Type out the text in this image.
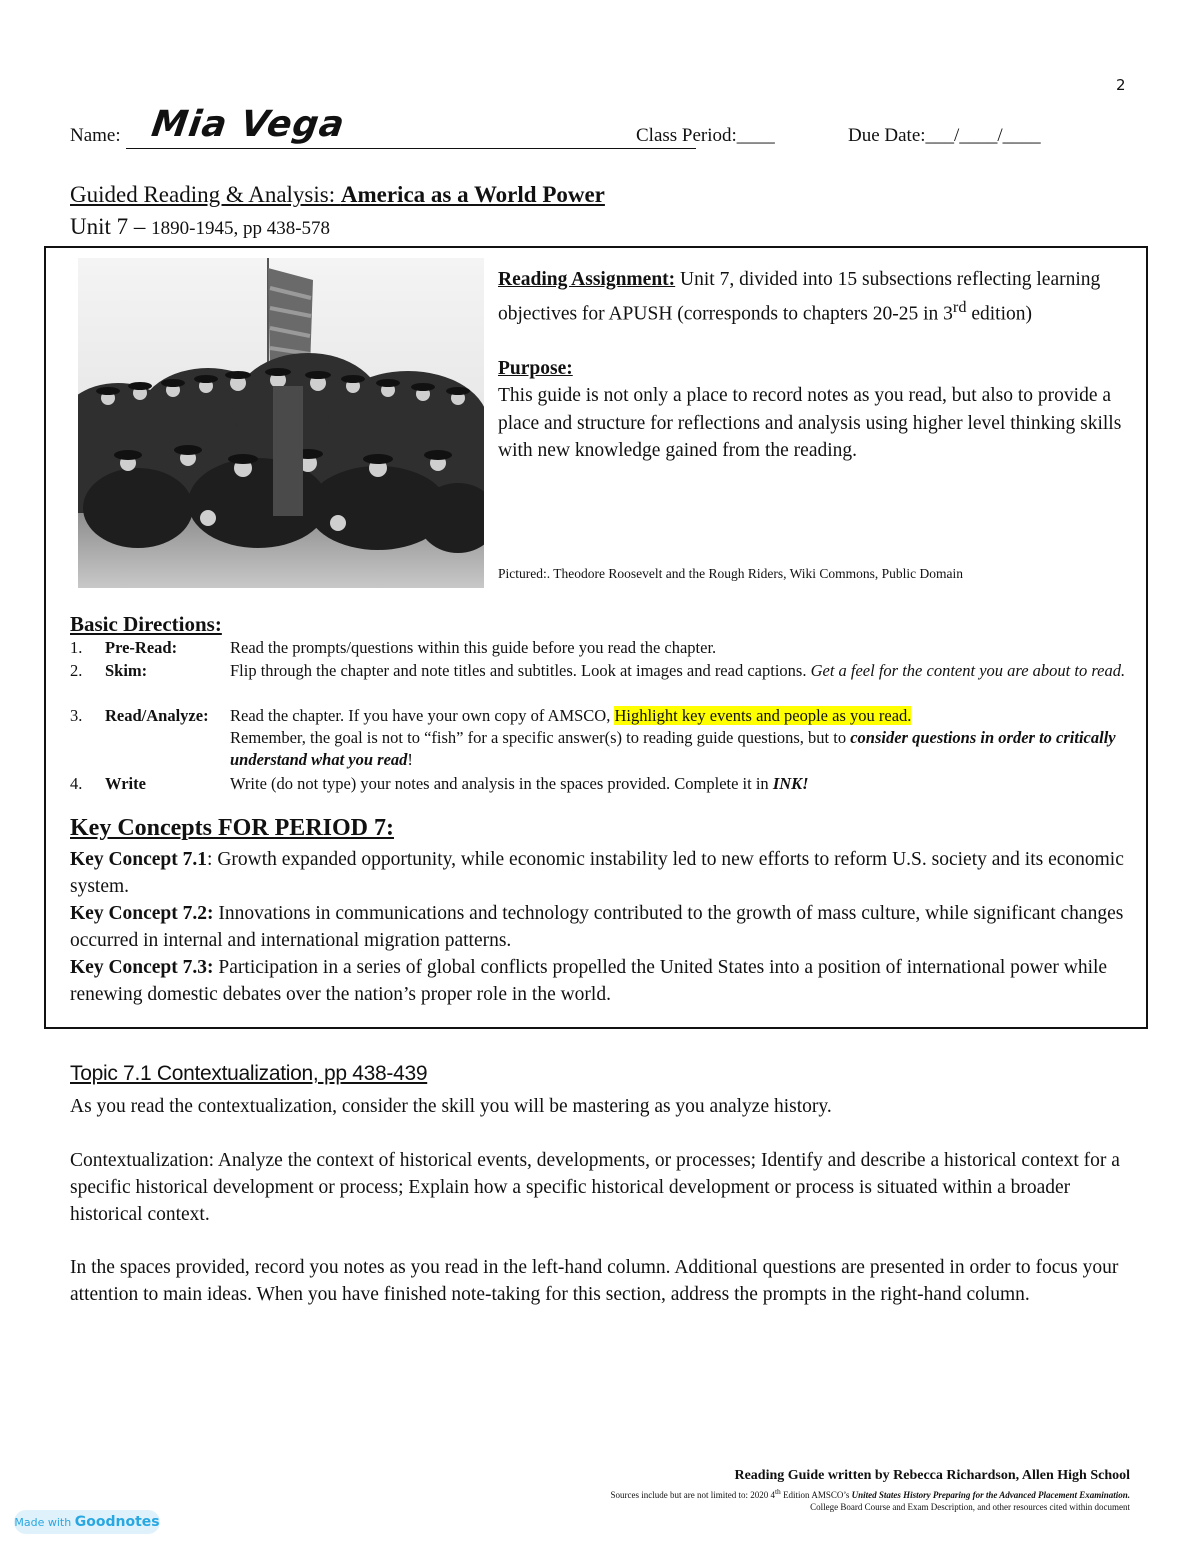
2
Name: Mia Vega	Class Period:____	Due Date:___/____/____
Guided Reading & Analysis: America as a World Power
Unit 7 – 1890-1945, pp 438-578
Reading Assignment: Unit 7, divided into 15 subsections reflecting learning objectives for APUSH (corresponds to chapters 20-25 in 3rd edition)
Purpose:
This guide is not only a place to record notes as you read, but also to provide a place and structure for reflections and analysis using higher level thinking skills with new knowledge gained from the reading.
Pictured:. Theodore Roosevelt and the Rough Riders, Wiki Commons, Public Domain
Basic Directions:
1. Pre-Read:	Read the prompts/questions within this guide before you read the chapter.
2. Skim:	Flip through the chapter and note titles and subtitles. Look at images and read captions. Get a feel for the content you are about to read.
3. Read/Analyze: Read the chapter. If you have your own copy of AMSCO, Highlight key events and people as you read.
Remember, the goal is not to “fish” for a specific answer(s) to reading guide questions, but to consider questions in order to critically understand what you read!
4. Write	Write (do not type) your notes and analysis in the spaces provided. Complete it in INK!
Key Concepts FOR PERIOD 7:
Key Concept 7.1: Growth expanded opportunity, while economic instability led to new efforts to reform U.S. society and its economic system.
Key Concept 7.2: Innovations in communications and technology contributed to the growth of mass culture, while significant changes occurred in internal and international migration patterns.
Key Concept 7.3: Participation in a series of global conflicts propelled the United States into a position of international power while renewing domestic debates over the nation’s proper role in the world.
Topic 7.1 Contextualization, pp 438-439
As you read the contextualization, consider the skill you will be mastering as you analyze history.
Contextualization: Analyze the context of historical events, developments, or processes; Identify and describe a historical context for a specific historical development or process; Explain how a specific historical development or process is situated within a broader historical context.
In the spaces provided, record you notes as you read in the left-hand column. Additional questions are presented in order to focus your attention to main ideas. When you have finished note-taking for this section, address the prompts in the right-hand column.
Reading Guide written by Rebecca Richardson, Allen High School
Sources include but are not limited to: 2020 4th Edition AMSCO’s United States History Preparing for the Advanced Placement Examination.
College Board Course and Exam Description, and other resources cited within document
Made with Goodnotes
